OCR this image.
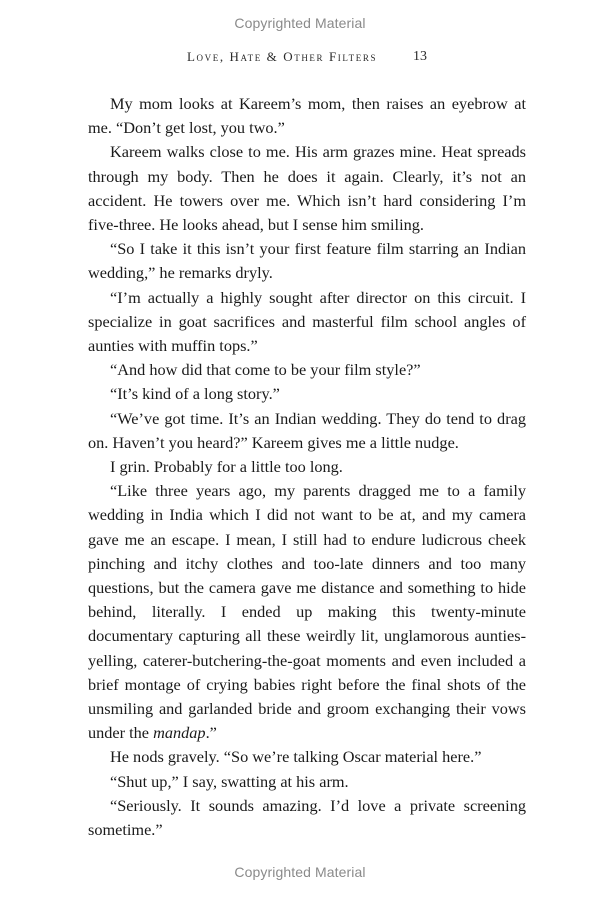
Copyrighted Material
Love, Hate & Other Filters	13

My mom looks at Kareem’s mom, then raises an eyebrow at me. “Don’t get lost, you two.”

Kareem walks close to me. His arm grazes mine. Heat spreads through my body. Then he does it again. Clearly, it’s not an accident. He towers over me. Which isn’t hard considering I’m five-three. He looks ahead, but I sense him smiling.

“So I take it this isn’t your first feature film starring an Indian wedding,” he remarks dryly.

“I’m actually a highly sought after director on this circuit. I specialize in goat sacrifices and masterful film school angles of aunties with muffin tops.”

“And how did that come to be your film style?”

“It’s kind of a long story.”

“We’ve got time. It’s an Indian wedding. They do tend to drag on. Haven’t you heard?” Kareem gives me a little nudge.

I grin. Probably for a little too long.

“Like three years ago, my parents dragged me to a family wedding in India which I did not want to be at, and my camera gave me an escape. I mean, I still had to endure ludicrous cheek pinching and itchy clothes and too-late dinners and too many questions, but the camera gave me distance and something to hide behind, literally. I ended up making this twenty-minute documentary capturing all these weirdly lit, unglamorous aunties-yelling, caterer-butchering-the-goat moments and even included a brief montage of crying babies right before the final shots of the unsmiling and garlanded bride and groom exchanging their vows under the mandap.”

He nods gravely. “So we’re talking Oscar material here.”

“Shut up,” I say, swatting at his arm.

“Seriously. It sounds amazing. I’d love a private screening sometime.”

Copyrighted Material
